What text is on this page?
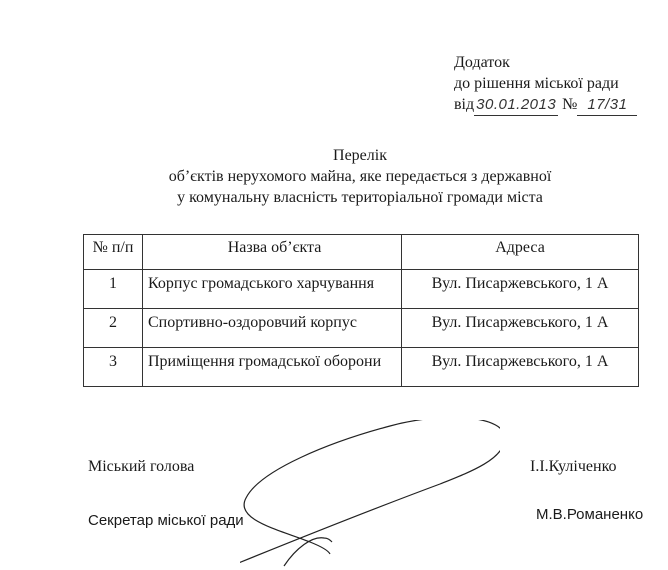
Додаток
до рішення міської ради
від 30.01.2013 № 17/31
Перелік
об’єктів нерухомого майна, яке передається з державної
у комунальну власність територіальної громади міста
№ п/п	Назва об’єкта	Адреса
1	Корпус громадського харчування	Вул. Писаржевського, 1 А
2	Спортивно-оздоровчий корпус	Вул. Писаржевського, 1 А
3	Приміщення громадської оборони	Вул. Писаржевського, 1 А
Міський голова	І.І.Куліченко
Секретар міської ради	М.В.Романенко
